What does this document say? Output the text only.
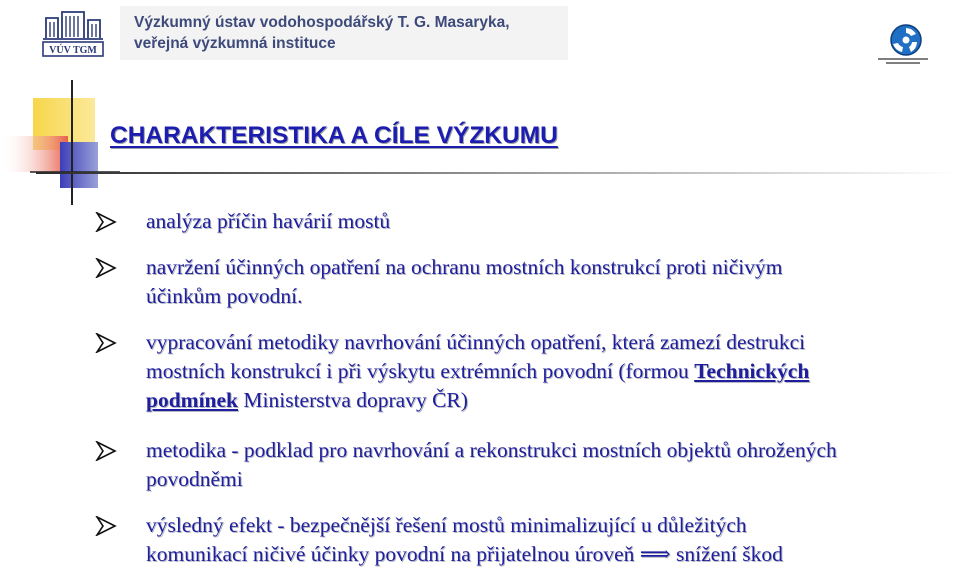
VÚV TGM
Výzkumný ústav vodohospodářský T. G. Masaryka,
veřejná výzkumná instituce
CHARAKTERISTIKA A CÍLE VÝZKUMU
analýza příčin havárií mostů
navržení účinných opatření na ochranu mostních konstrukcí proti ničivým
účinkům povodní.
vypracování metodiky navrhování účinných opatření, která zamezí destrukci
mostních konstrukcí i při výskytu extrémních povodní (formou Technických
podmínek Ministerstva dopravy ČR)
metodika - podklad pro navrhování a rekonstrukci mostních objektů ohrožených
povodněmi
výsledný efekt - bezpečnější řešení mostů minimalizující u důležitých
komunikací ničivé účinky povodní na přijatelnou úroveň ⟹ snížení škod
